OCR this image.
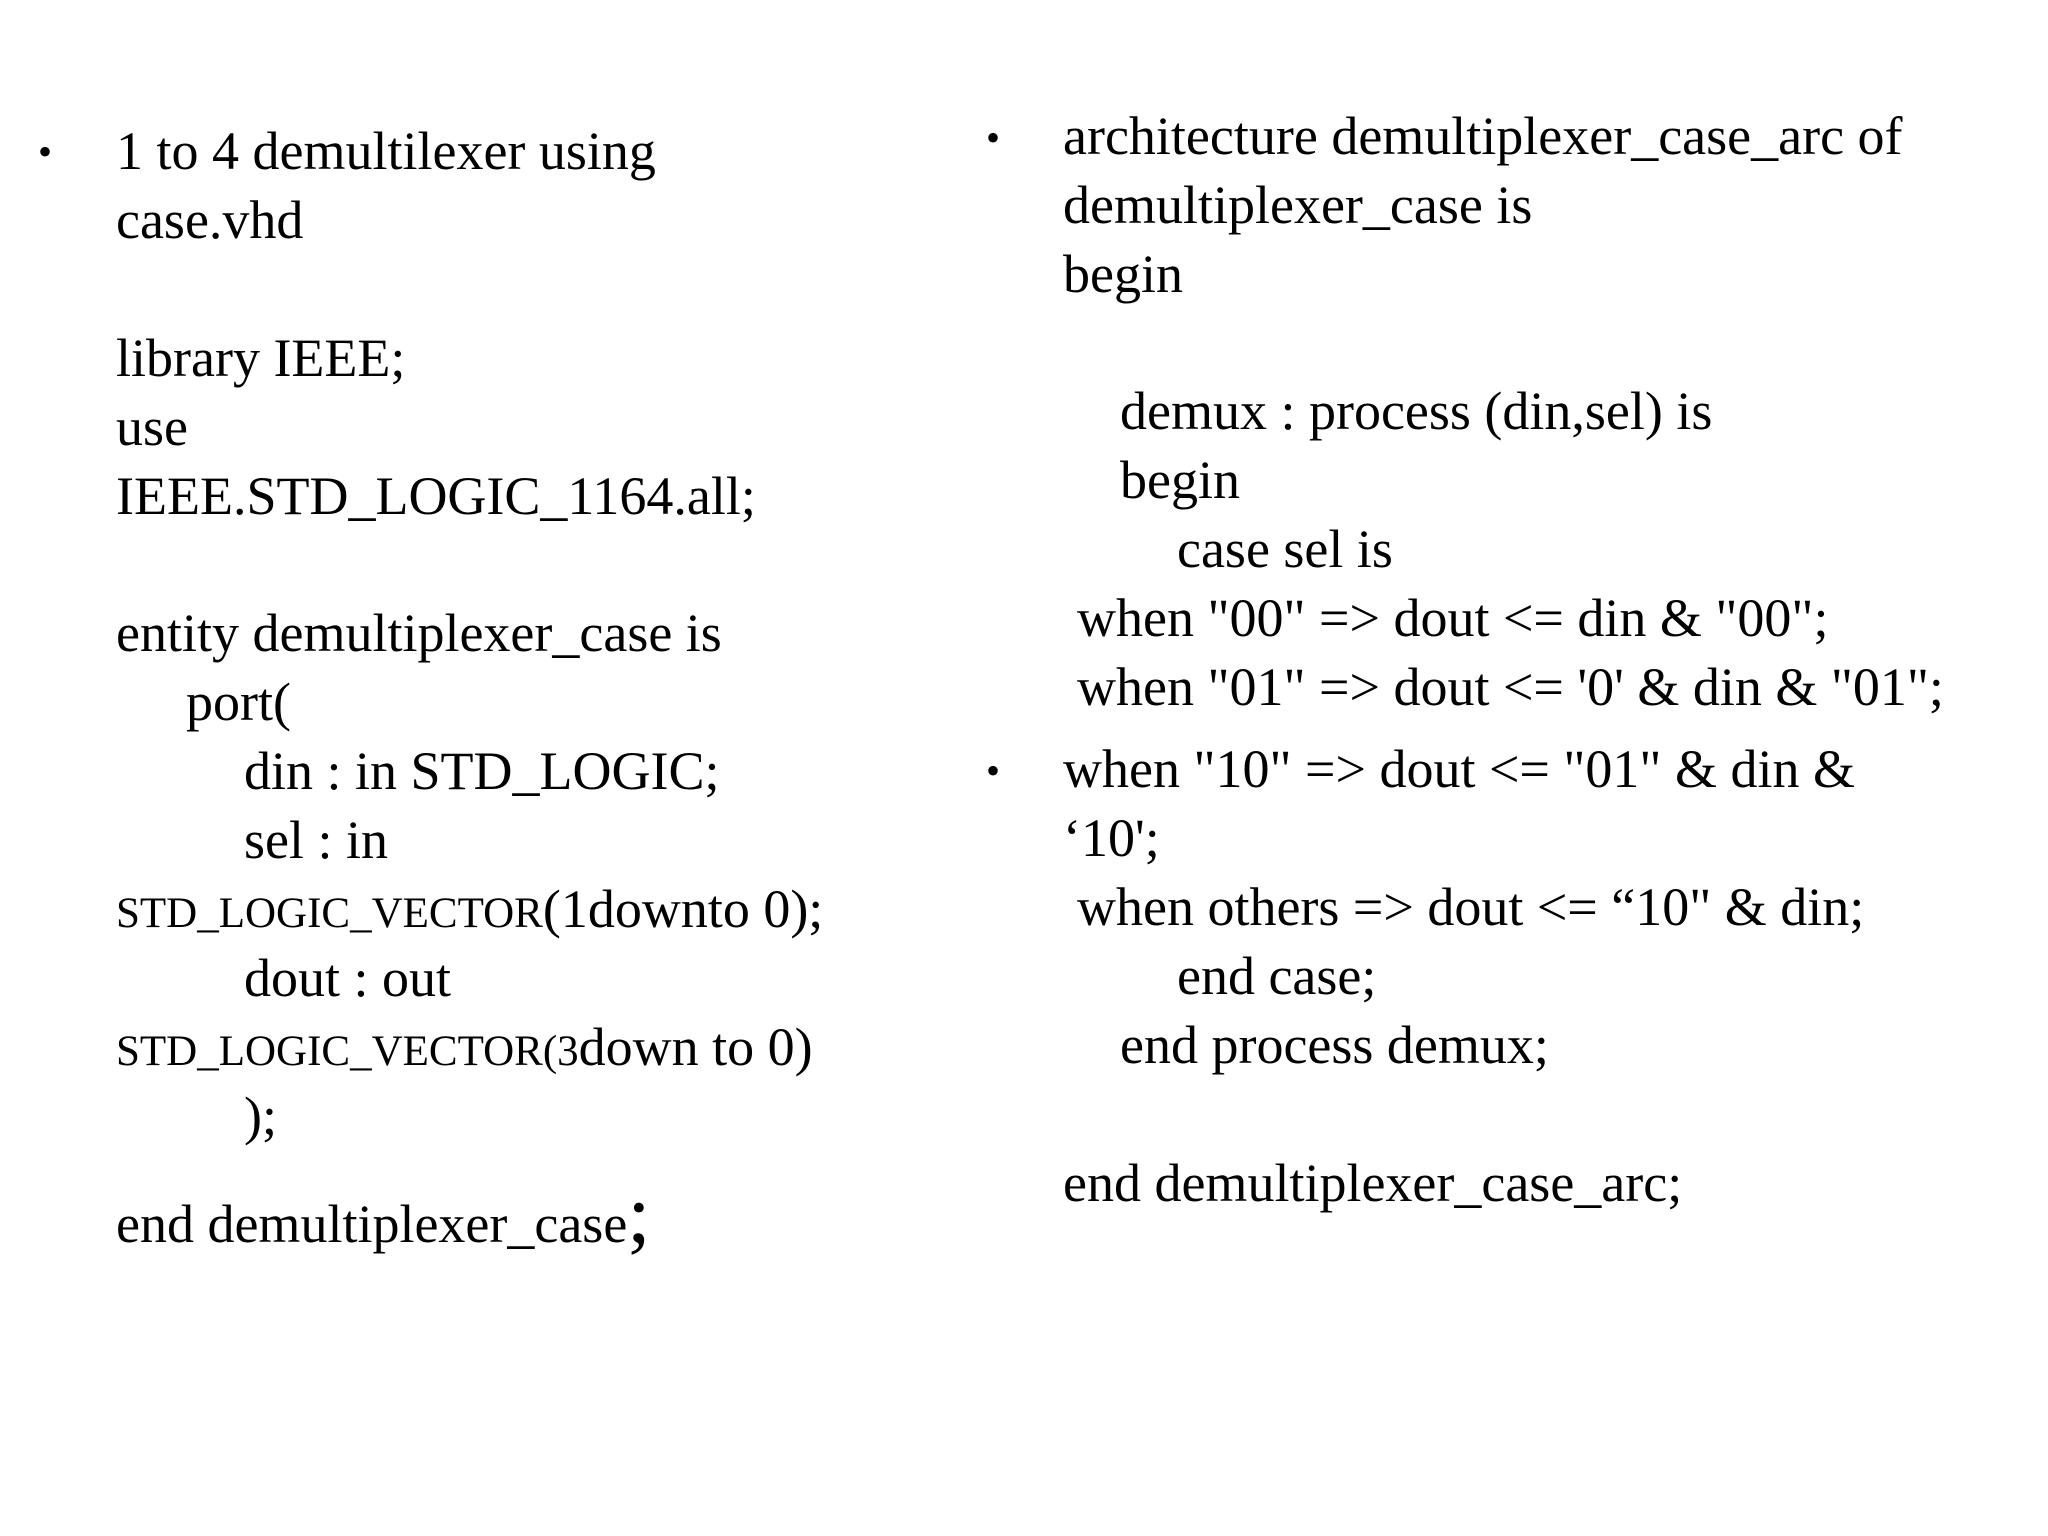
• 1 to 4 demultilexer using
case.vhd
library IEEE;
use
IEEE.STD_LOGIC_1164.all;
entity demultiplexer_case is
port(
din : in STD_LOGIC;
sel : in
STD_LOGIC_VECTOR(1downto 0);
dout : out
STD_LOGIC_VECTOR(3down to 0)
);
end demultiplexer_case;
• architecture demultiplexer_case_arc of
demultiplexer_case is
begin
demux : process (din,sel) is
begin
case sel is
when "00" => dout <= din & "00";
when "01" => dout <= '0' & din & "01";
• when "10" => dout <= "01" & din &
‘10';
when others => dout <= “10" & din;
end case;
end process demux;
end demultiplexer_case_arc;
